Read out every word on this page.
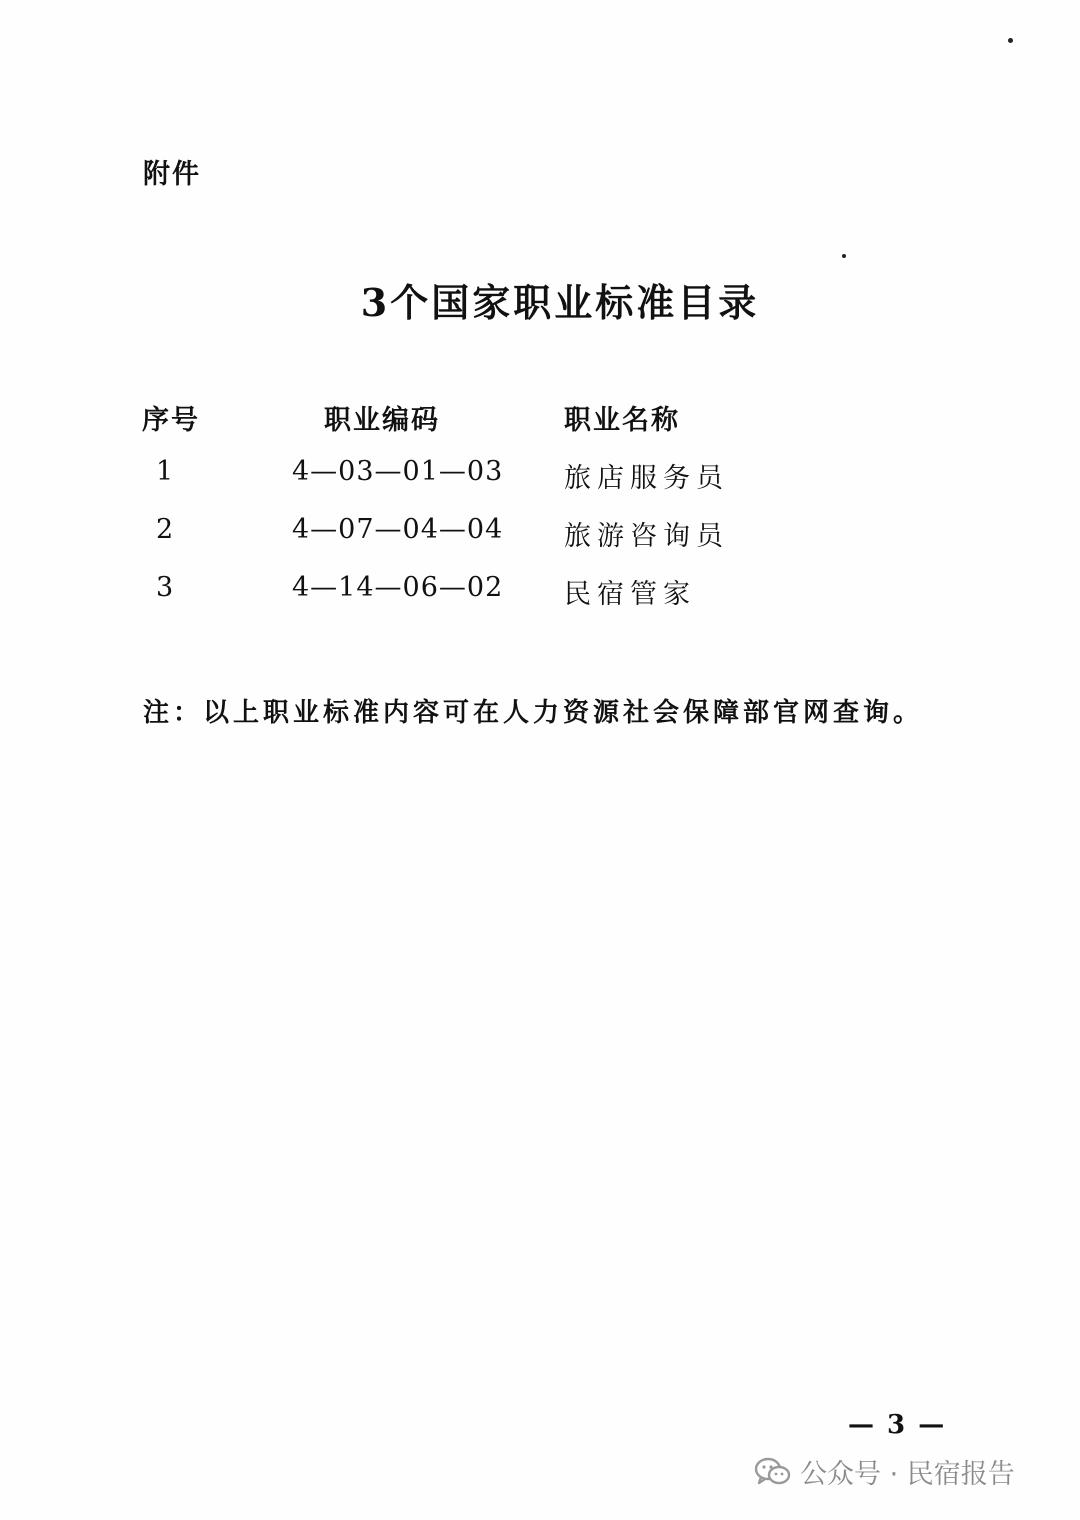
附件
3个国家职业标准目录
序号	职业编码	职业名称
1	4—03—01—03 旅店服务员
2	4—07—04—04 旅游咨询员
3	4—14—06—02 民宿管家
注：以上职业标准内容可在人力资源社会保障部官网查询。
— 3 —
公众号 · 民宿报告
